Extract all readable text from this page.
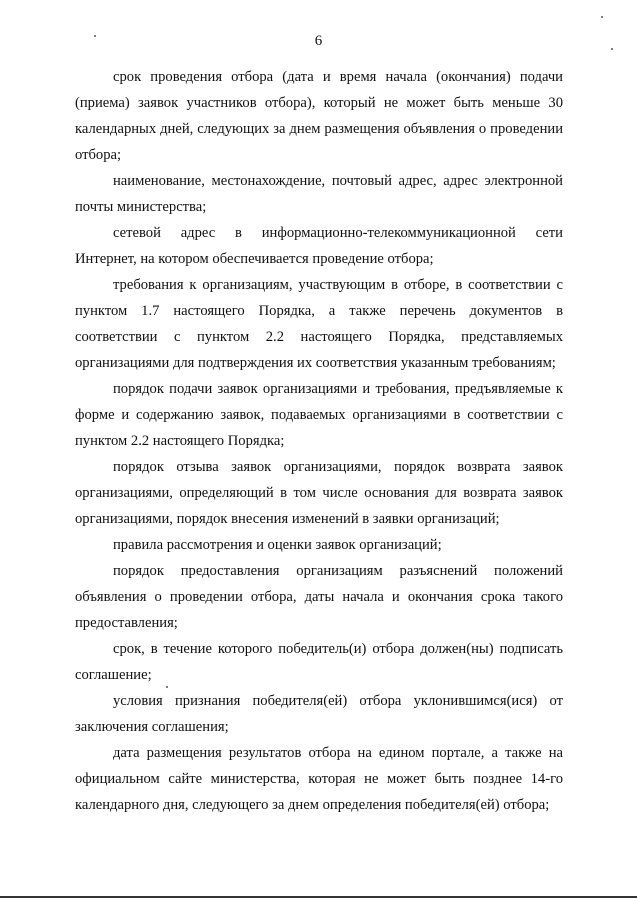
6

срок проведения отбора (дата и время начала (окончания) подачи (приема) заявок участников отбора), который не может быть меньше 30 календарных дней, следующих за днем размещения объявления о проведении отбора;

наименование, местонахождение, почтовый адрес, адрес электронной почты министерства;

сетевой адрес в информационно-телекоммуникационной сети Интернет, на котором обеспечивается проведение отбора;

требования к организациям, участвующим в отборе, в соответствии с пунктом 1.7 настоящего Порядка, а также перечень документов в соответствии с пунктом 2.2 настоящего Порядка, представляемых организациями для подтверждения их соответствия указанным требованиям;

порядок подачи заявок организациями и требования, предъявляемые к форме и содержанию заявок, подаваемых организациями в соответствии с пунктом 2.2 настоящего Порядка;

порядок отзыва заявок организациями, порядок возврата заявок организациями, определяющий в том числе основания для возврата заявок организациями, порядок внесения изменений в заявки организаций;

правила рассмотрения и оценки заявок организаций;

порядок предоставления организациям разъяснений положений объявления о проведении отбора, даты начала и окончания срока такого предоставления;

срок, в течение которого победитель(и) отбора должен(ны) подписать соглашение;

условия признания победителя(ей) отбора уклонившимся(ися) от заключения соглашения;

дата размещения результатов отбора на едином портале, а также на официальном сайте министерства, которая не может быть позднее 14-го календарного дня, следующего за днем определения победителя(ей) отбора;
